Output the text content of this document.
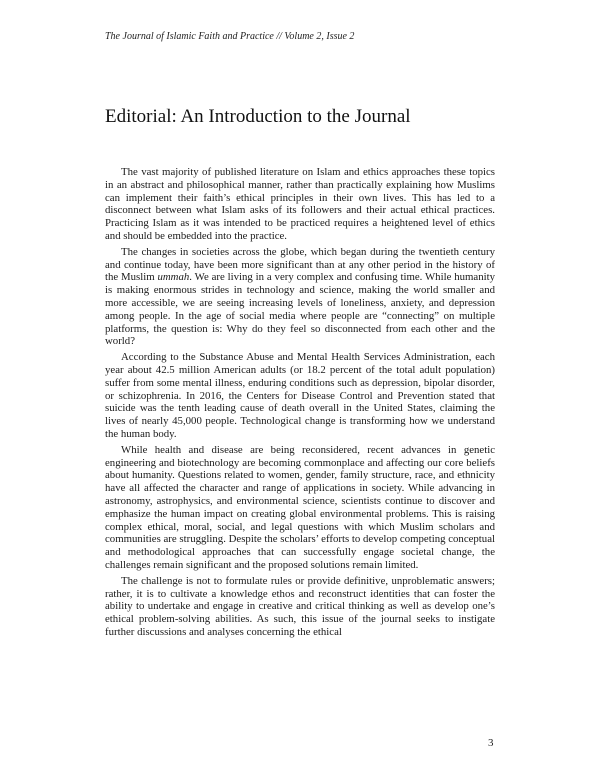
The Journal of Islamic Faith and Practice // Volume 2, Issue 2
Editorial: An Introduction to the Journal

The vast majority of published literature on Islam and ethics approaches these topics in an abstract and philosophical manner, rather than practically explaining how Muslims can implement their faith’s ethical principles in their own lives. This has led to a disconnect between what Islam asks of its followers and their actual ethical practices. Practicing Islam as it was intended to be practiced requires a heightened level of ethics and should be embedded into the practice.

The changes in societies across the globe, which began during the twentieth century and continue today, have been more significant than at any other period in the history of the Muslim ummah. We are living in a very complex and confusing time. While humanity is making enormous strides in technology and science, making the world smaller and more accessible, we are seeing increasing levels of loneliness, anxiety, and depression among people. In the age of social media where people are “connecting” on multiple platforms, the question is: Why do they feel so disconnected from each other and the world?

According to the Substance Abuse and Mental Health Services Administration, each year about 42.5 million American adults (or 18.2 percent of the total adult population) suffer from some mental illness, enduring conditions such as depression, bipolar disorder, or schizophrenia. In 2016, the Centers for Disease Control and Prevention stated that suicide was the tenth leading cause of death overall in the United States, claiming the lives of nearly 45,000 people. Technological change is transforming how we understand the human body.

While health and disease are being reconsidered, recent advances in genetic engineering and biotechnology are becoming commonplace and affecting our core beliefs about humanity. Questions related to women, gender, family structure, race, and ethnicity have all affected the character and range of applications in society. While advancing in astronomy, astrophysics, and environmental science, scientists continue to discover and emphasize the human impact on creating global environmental problems. This is raising complex ethical, moral, social, and legal questions with which Muslim scholars and communities are struggling. Despite the scholars’ efforts to develop competing conceptual and methodological approaches that can successfully engage societal change, the challenges remain significant and the proposed solutions remain limited.

The challenge is not to formulate rules or provide definitive, unproblematic answers; rather, it is to cultivate a knowledge ethos and reconstruct identities that can foster the ability to undertake and engage in creative and critical thinking as well as develop one’s ethical problem-solving abilities. As such, this issue of the journal seeks to instigate further discussions and analyses concerning the ethical

3
